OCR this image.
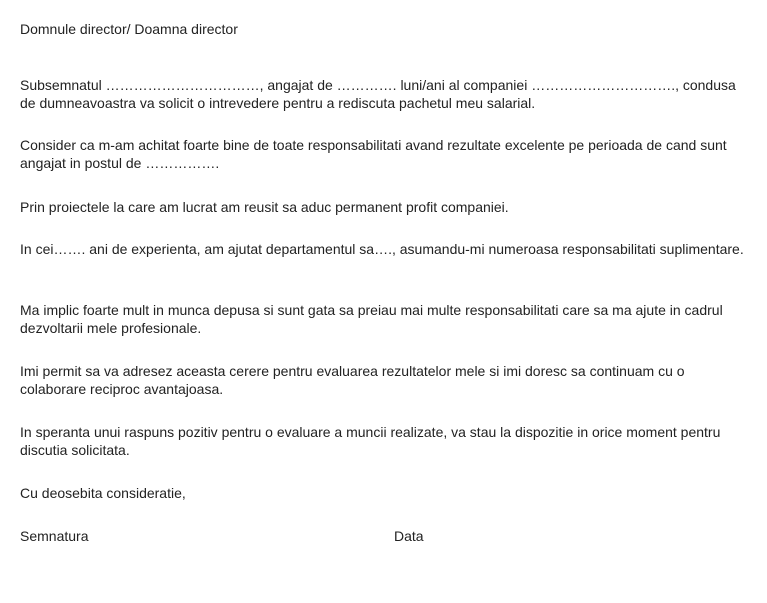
Domnule director/ Doamna director
Subsemnatul ……………………………, angajat de …………. luni/ani al companiei …………………………., condusa de dumneavoastra va solicit o intrevedere pentru a rediscuta pachetul meu salarial.
Consider ca m-am achitat foarte bine de toate responsabilitati avand rezultate excelente pe perioada de cand sunt angajat in postul de …………….
Prin proiectele la care am lucrat am reusit sa aduc permanent profit companiei.
In cei……. ani de experienta, am ajutat departamentul sa…., asumandu-mi numeroasa responsabilitati suplimentare.
Ma implic foarte mult in munca depusa si sunt gata sa preiau mai multe responsabilitati care sa ma ajute in cadrul dezvoltarii mele profesionale.
Imi permit sa va adresez aceasta cerere pentru evaluarea rezultatelor mele si imi doresc sa continuam cu o colaborare reciproc avantajoasa.
In speranta unui raspuns pozitiv pentru o evaluare a muncii realizate, va stau la dispozitie in orice moment pentru discutia solicitata.
Cu deosebita consideratie,
Semnatura	Data
